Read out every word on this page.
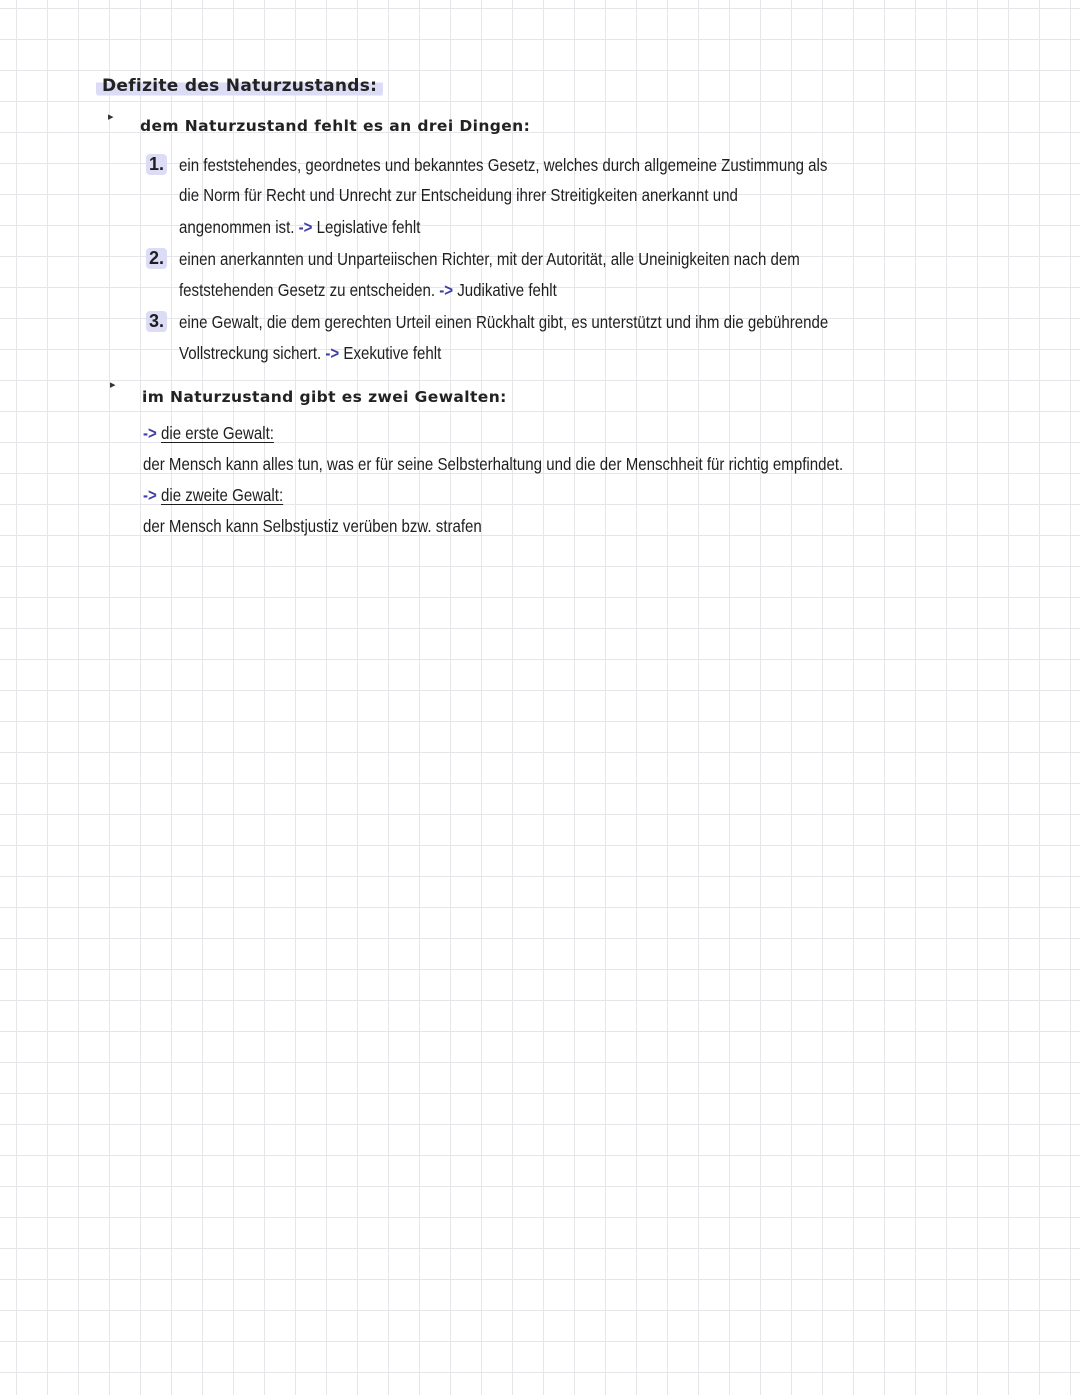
Defizite des Naturzustands:
▸
dem Naturzustand fehlt es an drei Dingen:
1. ein feststehendes, geordnetes und bekanntes Gesetz, welches durch allgemeine Zustimmung als
die Norm für Recht und Unrecht zur Entscheidung ihrer Streitigkeiten anerkannt und
angenommen ist. -> Legislative fehlt
2. einen anerkannten und Unparteiischen Richter, mit der Autorität, alle Uneinigkeiten nach dem
feststehenden Gesetz zu entscheiden. -> Judikative fehlt
3. eine Gewalt, die dem gerechten Urteil einen Rückhalt gibt, es unterstützt und ihm die gebührende
Vollstreckung sichert. -> Exekutive fehlt
▸
im Naturzustand gibt es zwei Gewalten:
-> die erste Gewalt:
der Mensch kann alles tun, was er für seine Selbsterhaltung und die der Menschheit für richtig empfindet.
-> die zweite Gewalt:
der Mensch kann Selbstjustiz verüben bzw. strafen
